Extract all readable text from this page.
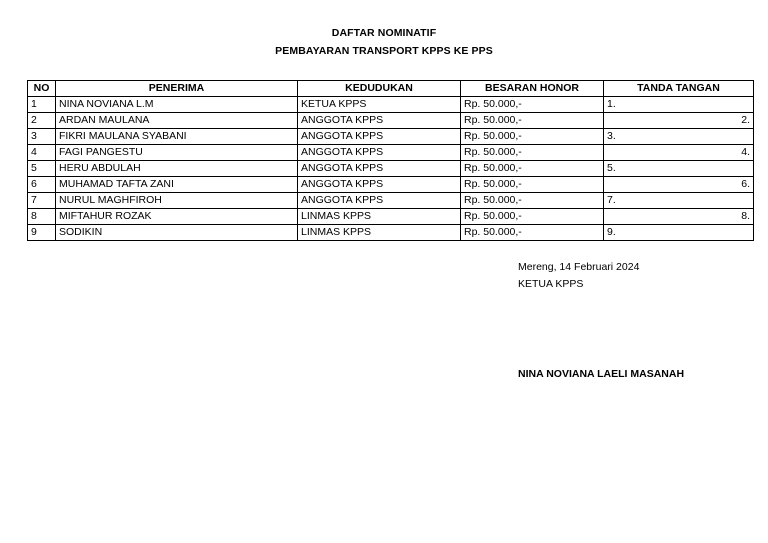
DAFTAR NOMINATIF
PEMBAYARAN TRANSPORT KPPS KE PPS
NO	PENERIMA	KEDUDUKAN	BESARAN HONOR	TANDA TANGAN
1	NINA NOVIANA L.M	KETUA KPPS	Rp. 50.000,-	1.
2	ARDAN MAULANA	ANGGOTA KPPS	Rp. 50.000,-	2.
3	FIKRI MAULANA SYABANI	ANGGOTA KPPS	Rp. 50.000,-	3.
4	FAGI PANGESTU	ANGGOTA KPPS	Rp. 50.000,-	4.
5	HERU ABDULAH	ANGGOTA KPPS	Rp. 50.000,-	5.
6	MUHAMAD TAFTA ZANI	ANGGOTA KPPS	Rp. 50.000,-	6.
7	NURUL MAGHFIROH	ANGGOTA KPPS	Rp. 50.000,-	7.
8	MIFTAHUR ROZAK	LINMAS KPPS	Rp. 50.000,-	8.
9	SODIKIN	LINMAS KPPS	Rp. 50.000,-	9.
Mereng, 14 Februari 2024
KETUA KPPS
NINA NOVIANA LAELI MASANAH
